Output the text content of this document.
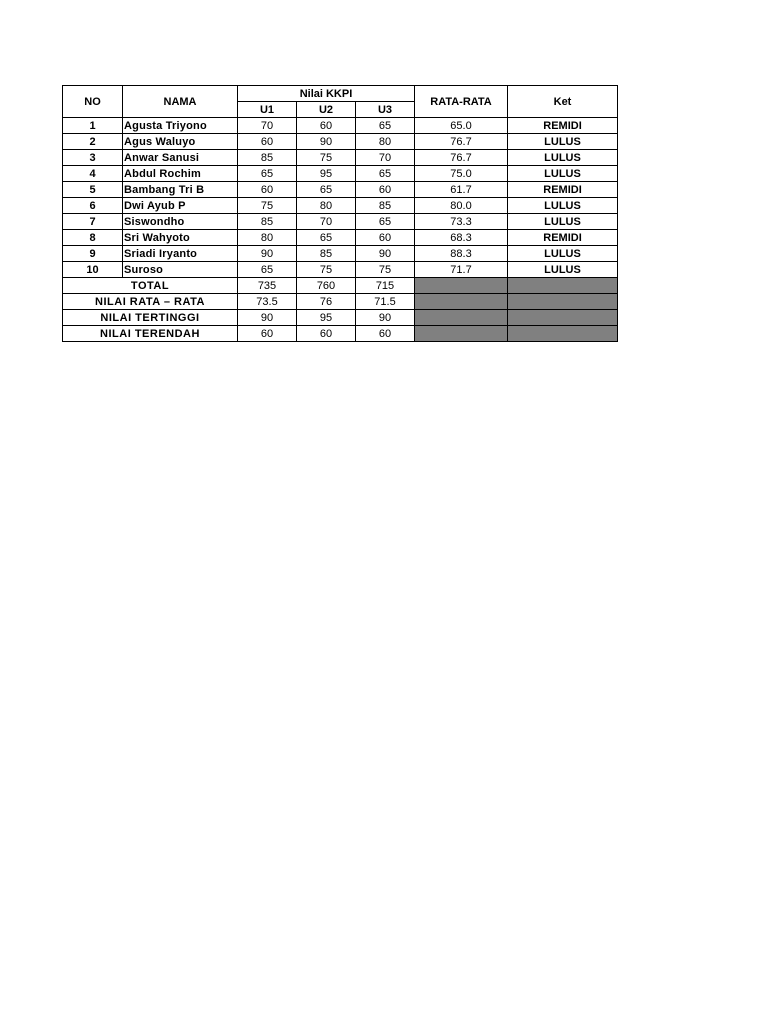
NO	NAMA	Nilai KKPI			RATA-RATA	Ket
		U1	U2	U3		
1	Agusta Triyono	70	60	65	65.0	REMIDI
2	Agus Waluyo	60	90	80	76.7	LULUS
3	Anwar Sanusi	85	75	70	76.7	LULUS
4	Abdul Rochim	65	95	65	75.0	LULUS
5	Bambang Tri B	60	65	60	61.7	REMIDI
6	Dwi Ayub P	75	80	85	80.0	LULUS
7	Siswondho	85	70	65	73.3	LULUS
8	Sri Wahyoto	80	65	60	68.3	REMIDI
9	Sriadi Iryanto	90	85	90	88.3	LULUS
10	Suroso	65	75	75	71.7	LULUS
TOTAL		735	760	715		
NILAI RATA – RATA		73.5	76	71.5		
NILAI TERTINGGI		90	95	90		
NILAI TERENDAH		60	60	60		
